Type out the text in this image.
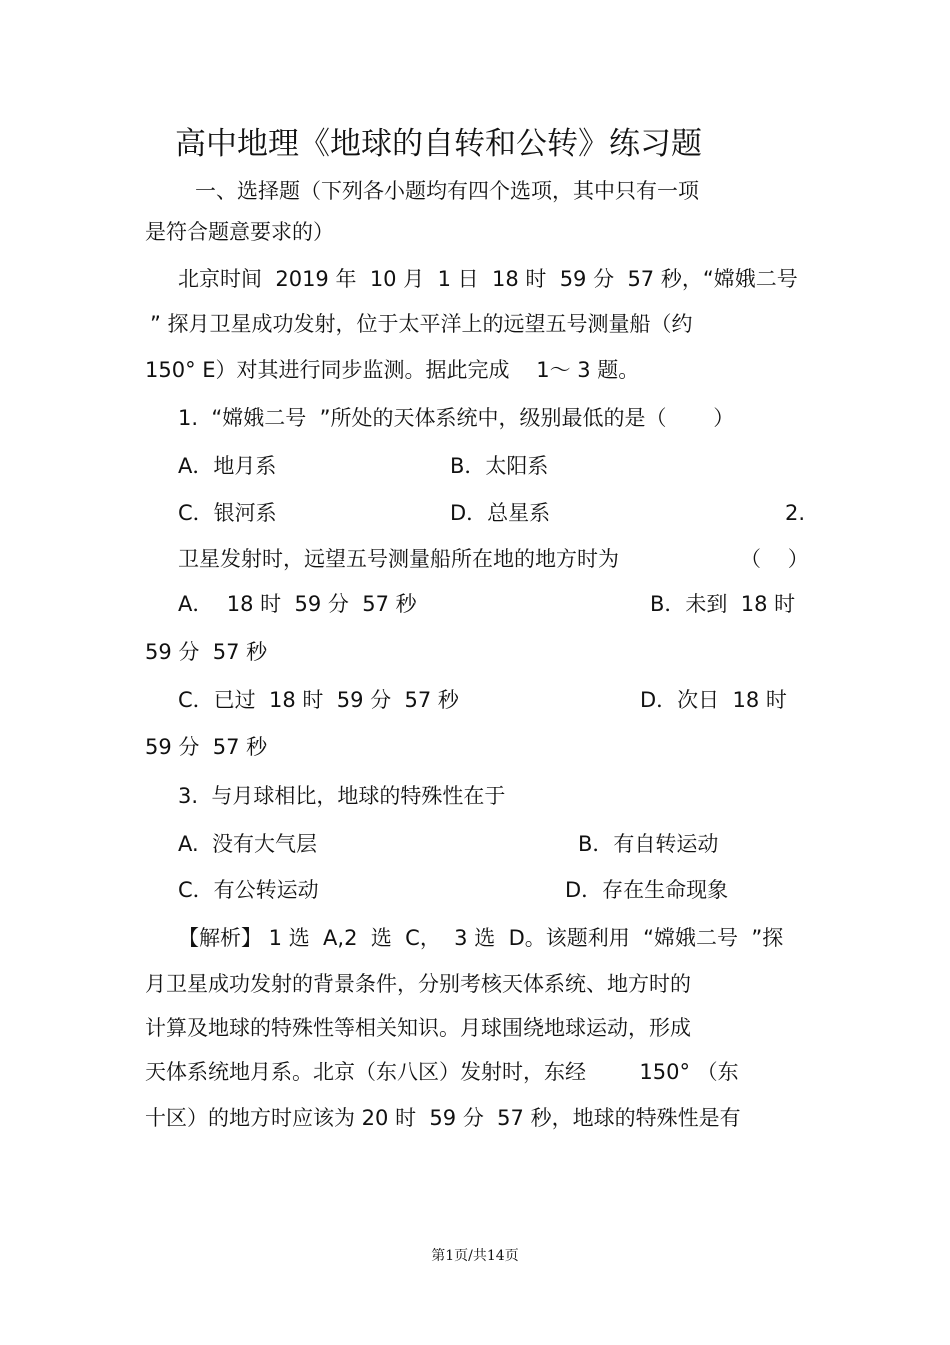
高中地理《地球的自转和公转》练习题
一、选择题（下列各小题均有四个选项，其中只有一项
是符合题意要求的）
北京时间  2019 年  10 月  1 日  18 时  59 分  57 秒，“嫦娥二号
” 探月卫星成功发射，位于太平洋上的远望五号测量船（约
150° E）对其进行同步监测。据此完成    1～ 3 题。
1.  “嫦娥二号  ”所处的天体系统中，级别最低的是（       ）
A．地月系	B．太阳系
C．银河系	D．总星系	2.
卫星发射时，远望五号测量船所在地的地方时为	（    ）
A．  18 时  59 分  57 秒	B．未到  18 时
59 分  57 秒
C．已过  18 时  59 分  57 秒	D．次日  18 时
59 分  57 秒
3.  与月球相比，地球的特殊性在于
A.  没有大气层	B．有自转运动
C．有公转运动	D．存在生命现象
【解析】 1 选  A,2  选  C，  3 选  D。该题利用  “嫦娥二号  ”探
月卫星成功发射的背景条件，分别考核天体系统、地方时的
计算及地球的特殊性等相关知识。月球围绕地球运动，形成
天体系统地月系。北京（东八区）发射时，东经        150° （东
十区）的地方时应该为 20 时  59 分  57 秒，地球的特殊性是有
第1页/共14页
